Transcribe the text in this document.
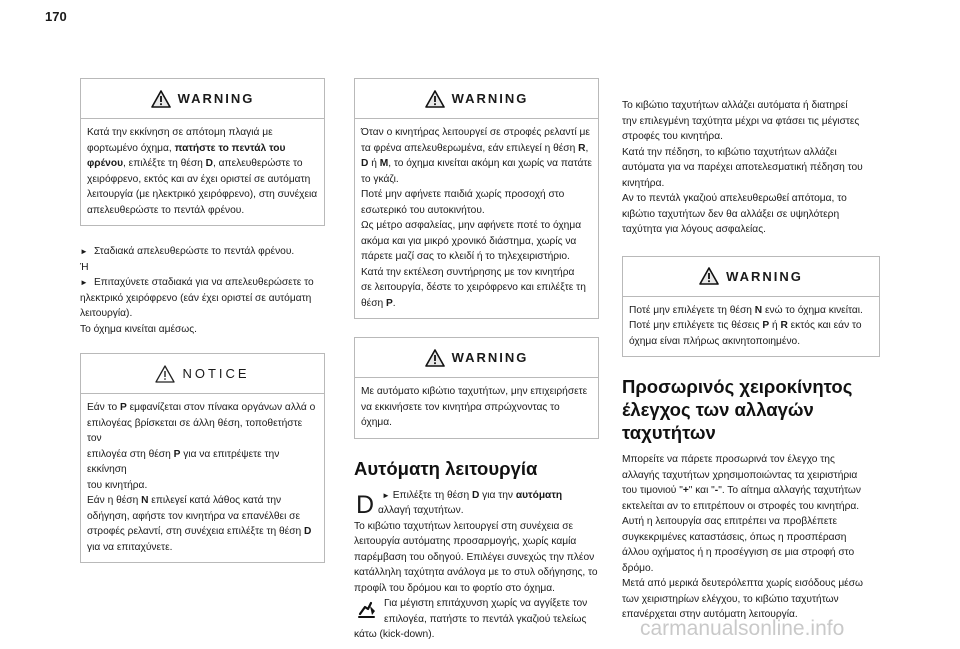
170
WARNING
Κατά την εκκίνηση σε απότομη πλαγιά με
φορτωμένο όχημα, πατήστε το πεντάλ του
φρένου, επιλέξτε τη θέση D, απελευθερώστε το
χειρόφρενο, εκτός και αν έχει οριστεί σε αυτόματη
λειτουργία (με ηλεκτρικό χειρόφρενο), στη συνέχεια
απελευθερώστε το πεντάλ φρένου.
► Σταδιακά απελευθερώστε το πεντάλ φρένου.
Ή
► Επιταχύνετε σταδιακά για να απελευθερώσετε το
ηλεκτρικό χειρόφρενο (εάν έχει οριστεί σε αυτόματη
λειτουργία).
Το όχημα κινείται αμέσως.
NOTICE
Εάν το P εμφανίζεται στον πίνακα οργάνων αλλά ο
επιλογέας βρίσκεται σε άλλη θέση, τοποθετήστε τον
επιλογέα στη θέση P για να επιτρέψετε την εκκίνηση
του κινητήρα.
Εάν η θέση N επιλεγεί κατά λάθος κατά την
οδήγηση, αφήστε τον κινητήρα να επανέλθει σε
στροφές ρελαντί, στη συνέχεια επιλέξτε τη θέση D
για να επιταχύνετε.
WARNING
Όταν ο κινητήρας λειτουργεί σε στροφές ρελαντί με
τα φρένα απελευθερωμένα, εάν επιλεγεί η θέση R,
D ή M, το όχημα κινείται ακόμη και χωρίς να πατάτε
το γκάζι.
Ποτέ μην αφήνετε παιδιά χωρίς προσοχή στο
εσωτερικό του αυτοκινήτου.
Ως μέτρο ασφαλείας, μην αφήνετε ποτέ το όχημα
ακόμα και για μικρό χρονικό διάστημα, χωρίς να
πάρετε μαζί σας το κλειδί ή το τηλεχειριστήριο.
Κατά την εκτέλεση συντήρησης με τον κινητήρα
σε λειτουργία, δέστε το χειρόφρενο και επιλέξτε τη
θέση P.
WARNING
Με αυτόματο κιβώτιο ταχυτήτων, μην επιχειρήσετε
να εκκινήσετε τον κινητήρα σπρώχνοντας το όχημα.
Αυτόματη λειτουργία
D ► Επιλέξτε τη θέση D για την αυτόματη
αλλαγή ταχυτήτων.
Το κιβώτιο ταχυτήτων λειτουργεί στη συνέχεια σε
λειτουργία αυτόματης προσαρμογής, χωρίς καμία
παρέμβαση του οδηγού. Επιλέγει συνεχώς την πλέον
κατάλληλη ταχύτητα ανάλογα με το στυλ οδήγησης, το
προφίλ του δρόμου και το φορτίο στο όχημα.
Για μέγιστη επιτάχυνση χωρίς να αγγίξετε τον
επιλογέα, πατήστε το πεντάλ γκαζιού τελείως
κάτω (kick-down).
Το κιβώτιο ταχυτήτων αλλάζει αυτόματα ή διατηρεί
την επιλεγμένη ταχύτητα μέχρι να φτάσει τις μέγιστες
στροφές του κινητήρα.
Κατά την πέδηση, το κιβώτιο ταχυτήτων αλλάζει
αυτόματα για να παρέχει αποτελεσματική πέδηση του
κινητήρα.
Αν το πεντάλ γκαζιού απελευθερωθεί απότομα, το
κιβώτιο ταχυτήτων δεν θα αλλάξει σε υψηλότερη
ταχύτητα για λόγους ασφαλείας.
WARNING
Ποτέ μην επιλέγετε τη θέση N ενώ το όχημα κινείται.
Ποτέ μην επιλέγετε τις θέσεις P ή R εκτός και εάν το
όχημα είναι πλήρως ακινητοποιημένο.
Προσωρινός χειροκίνητος
έλεγχος των αλλαγών
ταχυτήτων
Μπορείτε να πάρετε προσωρινά τον έλεγχο της
αλλαγής ταχυτήτων χρησιμοποιώντας τα χειριστήρια
του τιμονιού "+" και "-". Το αίτημα αλλαγής ταχυτήτων
εκτελείται αν το επιτρέπουν οι στροφές του κινητήρα.
Αυτή η λειτουργία σας επιτρέπει να προβλέπετε
συγκεκριμένες καταστάσεις, όπως η προσπέραση
άλλου οχήματος ή η προσέγγιση σε μια στροφή στο
δρόμο.
Μετά από μερικά δευτερόλεπτα χωρίς εισόδους μέσω
των χειριστηρίων ελέγχου, το κιβώτιο ταχυτήτων
επανέρχεται στην αυτόματη λειτουργία.
carmanualsonline.info
